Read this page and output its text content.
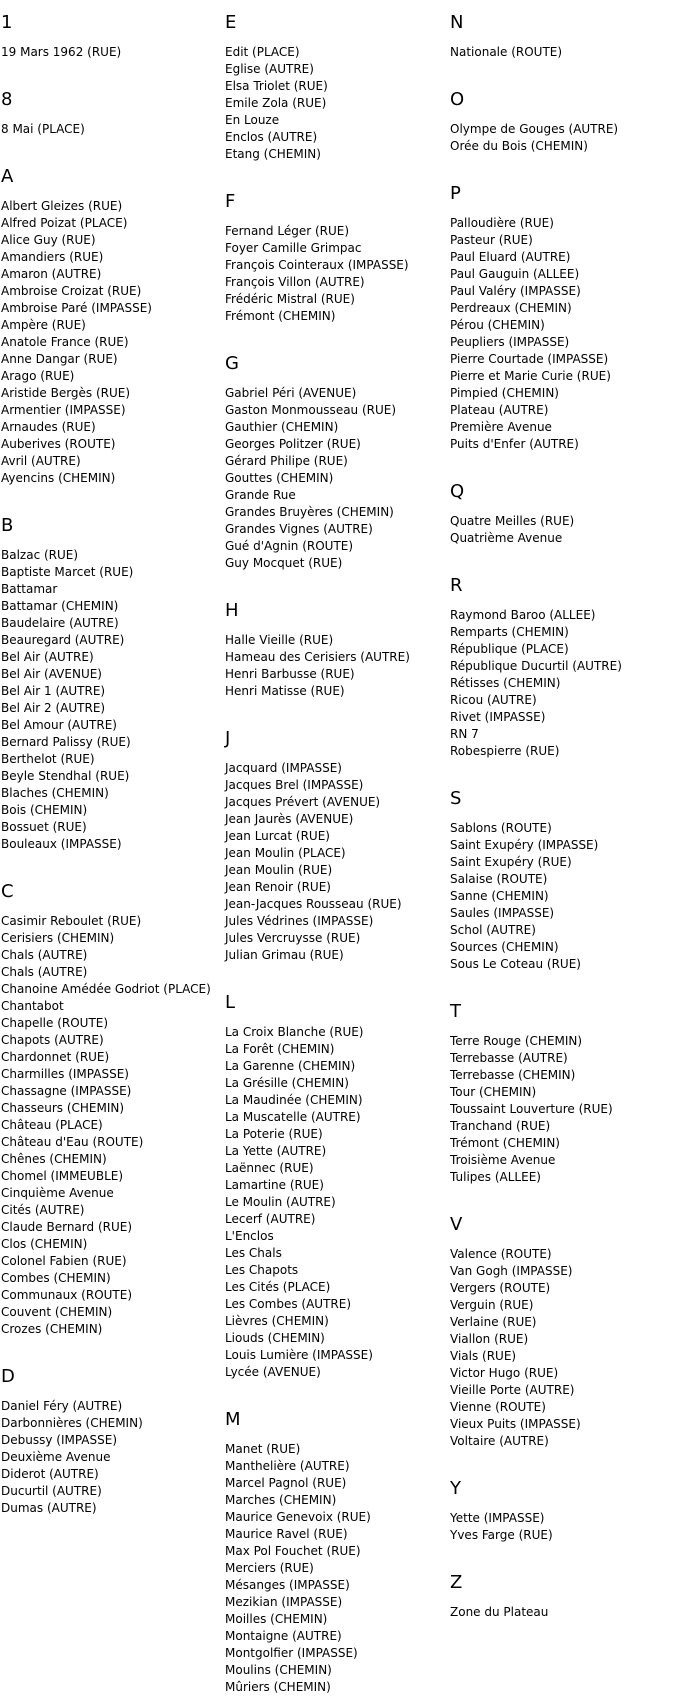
1
19 Mars 1962 (RUE)
8
8 Mai (PLACE)
A
Albert Gleizes (RUE)
Alfred Poizat (PLACE)
Alice Guy (RUE)
Amandiers (RUE)
Amaron (AUTRE)
Ambroise Croizat (RUE)
Ambroise Paré (IMPASSE)
Ampère (RUE)
Anatole France (RUE)
Anne Dangar (RUE)
Arago (RUE)
Aristide Bergès (RUE)
Armentier (IMPASSE)
Arnaudes (RUE)
Auberives (ROUTE)
Avril (AUTRE)
Ayencins (CHEMIN)
B
Balzac (RUE)
Baptiste Marcet (RUE)
Battamar
Battamar (CHEMIN)
Baudelaire (AUTRE)
Beauregard (AUTRE)
Bel Air (AUTRE)
Bel Air (AVENUE)
Bel Air 1 (AUTRE)
Bel Air 2 (AUTRE)
Bel Amour (AUTRE)
Bernard Palissy (RUE)
Berthelot (RUE)
Beyle Stendhal (RUE)
Blaches (CHEMIN)
Bois (CHEMIN)
Bossuet (RUE)
Bouleaux (IMPASSE)
C
Casimir Reboulet (RUE)
Cerisiers (CHEMIN)
Chals (AUTRE)
Chals (AUTRE)
Chanoine Amédée Godriot (PLACE)
Chantabot
Chapelle (ROUTE)
Chapots (AUTRE)
Chardonnet (RUE)
Charmilles (IMPASSE)
Chassagne (IMPASSE)
Chasseurs (CHEMIN)
Château (PLACE)
Château d'Eau (ROUTE)
Chênes (CHEMIN)
Chomel (IMMEUBLE)
Cinquième Avenue
Cités (AUTRE)
Claude Bernard (RUE)
Clos (CHEMIN)
Colonel Fabien (RUE)
Combes (CHEMIN)
Communaux (ROUTE)
Couvent (CHEMIN)
Crozes (CHEMIN)
D
Daniel Féry (AUTRE)
Darbonnières (CHEMIN)
Debussy (IMPASSE)
Deuxième Avenue
Diderot (AUTRE)
Ducurtil (AUTRE)
Dumas (AUTRE)
E
Edit (PLACE)
Eglise (AUTRE)
Elsa Triolet (RUE)
Emile Zola (RUE)
En Louze
Enclos (AUTRE)
Etang (CHEMIN)
F
Fernand Léger (RUE)
Foyer Camille Grimpac
François Cointeraux (IMPASSE)
François Villon (AUTRE)
Frédéric Mistral (RUE)
Frémont (CHEMIN)
G
Gabriel Péri (AVENUE)
Gaston Monmousseau (RUE)
Gauthier (CHEMIN)
Georges Politzer (RUE)
Gérard Philipe (RUE)
Gouttes (CHEMIN)
Grande Rue
Grandes Bruyères (CHEMIN)
Grandes Vignes (AUTRE)
Gué d'Agnin (ROUTE)
Guy Mocquet (RUE)
H
Halle Vieille (RUE)
Hameau des Cerisiers (AUTRE)
Henri Barbusse (RUE)
Henri Matisse (RUE)
J
Jacquard (IMPASSE)
Jacques Brel (IMPASSE)
Jacques Prévert (AVENUE)
Jean Jaurès (AVENUE)
Jean Lurcat (RUE)
Jean Moulin (PLACE)
Jean Moulin (RUE)
Jean Renoir (RUE)
Jean-Jacques Rousseau (RUE)
Jules Védrines (IMPASSE)
Jules Vercruysse (RUE)
Julian Grimau (RUE)
L
La Croix Blanche (RUE)
La Forêt (CHEMIN)
La Garenne (CHEMIN)
La Grésille (CHEMIN)
La Maudinée (CHEMIN)
La Muscatelle (AUTRE)
La Poterie (RUE)
La Yette (AUTRE)
Laënnec (RUE)
Lamartine (RUE)
Le Moulin (AUTRE)
Lecerf (AUTRE)
L'Enclos
Les Chals
Les Chapots
Les Cités (PLACE)
Les Combes (AUTRE)
Lièvres (CHEMIN)
Liouds (CHEMIN)
Louis Lumière (IMPASSE)
Lycée (AVENUE)
M
Manet (RUE)
Manthelière (AUTRE)
Marcel Pagnol (RUE)
Marches (CHEMIN)
Maurice Genevoix (RUE)
Maurice Ravel (RUE)
Max Pol Fouchet (RUE)
Merciers (RUE)
Mésanges (IMPASSE)
Mezikian (IMPASSE)
Moilles (CHEMIN)
Montaigne (AUTRE)
Montgolfier (IMPASSE)
Moulins (CHEMIN)
Mûriers (CHEMIN)
N
Nationale (ROUTE)
O
Olympe de Gouges (AUTRE)
Orée du Bois (CHEMIN)
P
Palloudière (RUE)
Pasteur (RUE)
Paul Eluard (AUTRE)
Paul Gauguin (ALLEE)
Paul Valéry (IMPASSE)
Perdreaux (CHEMIN)
Pérou (CHEMIN)
Peupliers (IMPASSE)
Pierre Courtade (IMPASSE)
Pierre et Marie Curie (RUE)
Pimpied (CHEMIN)
Plateau (AUTRE)
Première Avenue
Puits d'Enfer (AUTRE)
Q
Quatre Meilles (RUE)
Quatrième Avenue
R
Raymond Baroo (ALLEE)
Remparts (CHEMIN)
République (PLACE)
République Ducurtil (AUTRE)
Rétisses (CHEMIN)
Ricou (AUTRE)
Rivet (IMPASSE)
RN 7
Robespierre (RUE)
S
Sablons (ROUTE)
Saint Exupéry (IMPASSE)
Saint Exupéry (RUE)
Salaise (ROUTE)
Sanne (CHEMIN)
Saules (IMPASSE)
Schol (AUTRE)
Sources (CHEMIN)
Sous Le Coteau (RUE)
T
Terre Rouge (CHEMIN)
Terrebasse (AUTRE)
Terrebasse (CHEMIN)
Tour (CHEMIN)
Toussaint Louverture (RUE)
Tranchand (RUE)
Trémont (CHEMIN)
Troisième Avenue
Tulipes (ALLEE)
V
Valence (ROUTE)
Van Gogh (IMPASSE)
Vergers (ROUTE)
Verguin (RUE)
Verlaine (RUE)
Viallon (RUE)
Vials (RUE)
Victor Hugo (RUE)
Vieille Porte (AUTRE)
Vienne (ROUTE)
Vieux Puits (IMPASSE)
Voltaire (AUTRE)
Y
Yette (IMPASSE)
Yves Farge (RUE)
Z
Zone du Plateau
